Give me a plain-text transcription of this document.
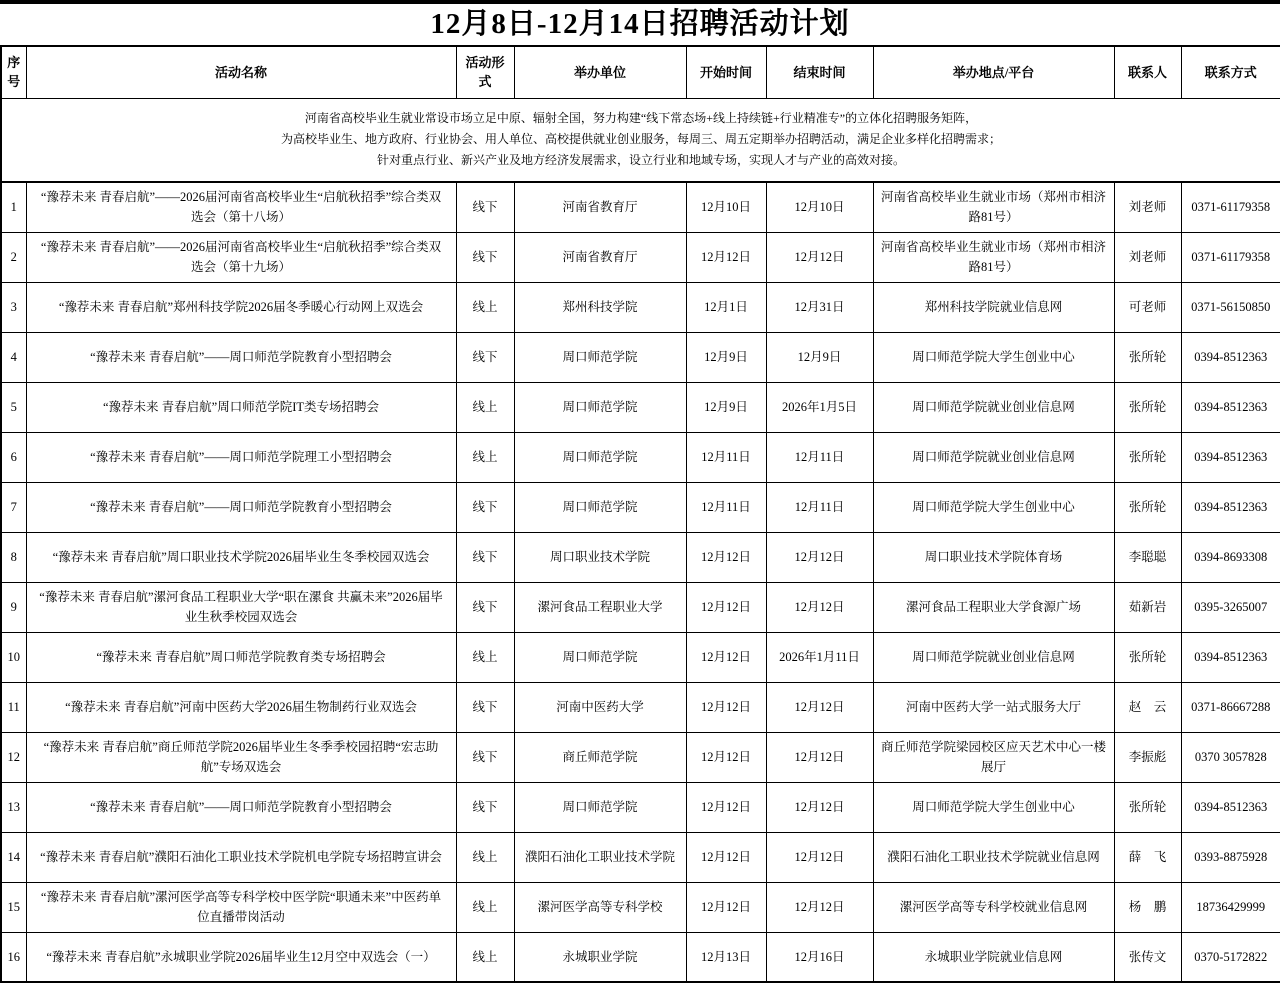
12月8日-12月14日招聘活动计划
序号	活动名称	活动形式	举办单位	开始时间	结束时间	举办地点/平台	联系人	联系方式

河南省高校毕业生就业常设市场立足中原、辐射全国，努力构建“线下常态场+线上持续链+行业精准专”的立体化招聘服务矩阵，
为高校毕业生、地方政府、行业协会、用人单位、高校提供就业创业服务，每周三、周五定期举办招聘活动，满足企业多样化招聘需求；
针对重点行业、新兴产业及地方经济发展需求，设立行业和地域专场，实现人才与产业的高效对接。								

1	“豫荐未来 青春启航”——2026届河南省高校毕业生“启航秋招季”综合类双选会（第十八场）	线下	河南省教育厅	12月10日	12月10日	河南省高校毕业生就业市场（郑州市相济路81号）	刘老师	0371-61179358
2	“豫荐未来 青春启航”——2026届河南省高校毕业生“启航秋招季”综合类双选会（第十九场）	线下	河南省教育厅	12月12日	12月12日	河南省高校毕业生就业市场（郑州市相济路81号）	刘老师	0371-61179358
3	“豫荐未来 青春启航”郑州科技学院2026届冬季暖心行动网上双选会	线上	郑州科技学院	12月1日	12月31日	郑州科技学院就业信息网	可老师	0371-56150850
4	“豫荐未来 青春启航”——周口师范学院教育小型招聘会	线下	周口师范学院	12月9日	12月9日	周口师范学院大学生创业中心	张所轮	0394-8512363
5	“豫荐未来 青春启航”周口师范学院IT类专场招聘会	线上	周口师范学院	12月9日	2026年1月5日	周口师范学院就业创业信息网	张所轮	0394-8512363
6	“豫荐未来 青春启航”——周口师范学院理工小型招聘会	线上	周口师范学院	12月11日	12月11日	周口师范学院就业创业信息网	张所轮	0394-8512363
7	“豫荐未来 青春启航”——周口师范学院教育小型招聘会	线下	周口师范学院	12月11日	12月11日	周口师范学院大学生创业中心	张所轮	0394-8512363
8	“豫荐未来 青春启航”周口职业技术学院2026届毕业生冬季校园双选会	线下	周口职业技术学院	12月12日	12月12日	周口职业技术学院体育场	李聪聪	0394-8693308
9	“豫荐未来 青春启航”漯河食品工程职业大学“职在漯食 共赢未来”2026届毕业生秋季校园双选会	线下	漯河食品工程职业大学	12月12日	12月12日	漯河食品工程职业大学食源广场	茹新岩	0395-3265007
10	“豫荐未来 青春启航”周口师范学院教育类专场招聘会	线上	周口师范学院	12月12日	2026年1月11日	周口师范学院就业创业信息网	张所轮	0394-8512363
11	“豫荐未来 青春启航”河南中医药大学2026届生物制药行业双选会	线下	河南中医药大学	12月12日	12月12日	河南中医药大学一站式服务大厅	赵　云	0371-86667288
12	“豫荐未来 青春启航”商丘师范学院2026届毕业生冬季季校园招聘“宏志助航”专场双选会	线下	商丘师范学院	12月12日	12月12日	商丘师范学院梁园校区应天艺术中心一楼展厅	李振彪	0370 3057828
13	“豫荐未来 青春启航”——周口师范学院教育小型招聘会	线下	周口师范学院	12月12日	12月12日	周口师范学院大学生创业中心	张所轮	0394-8512363
14	“豫荐未来 青春启航”濮阳石油化工职业技术学院机电学院专场招聘宣讲会	线上	濮阳石油化工职业技术学院	12月12日	12月12日	濮阳石油化工职业技术学院就业信息网	薛　飞	0393-8875928
15	“豫荐未来 青春启航”漯河医学高等专科学校中医学院“职通未来”中医药单位直播带岗活动	线上	漯河医学高等专科学校	12月12日	12月12日	漯河医学高等专科学校就业信息网	杨　鹏	18736429999
16	“豫荐未来 青春启航”永城职业学院2026届毕业生12月空中双选会（一）	线上	永城职业学院	12月13日	12月16日	永城职业学院就业信息网	张传文	0370-5172822
